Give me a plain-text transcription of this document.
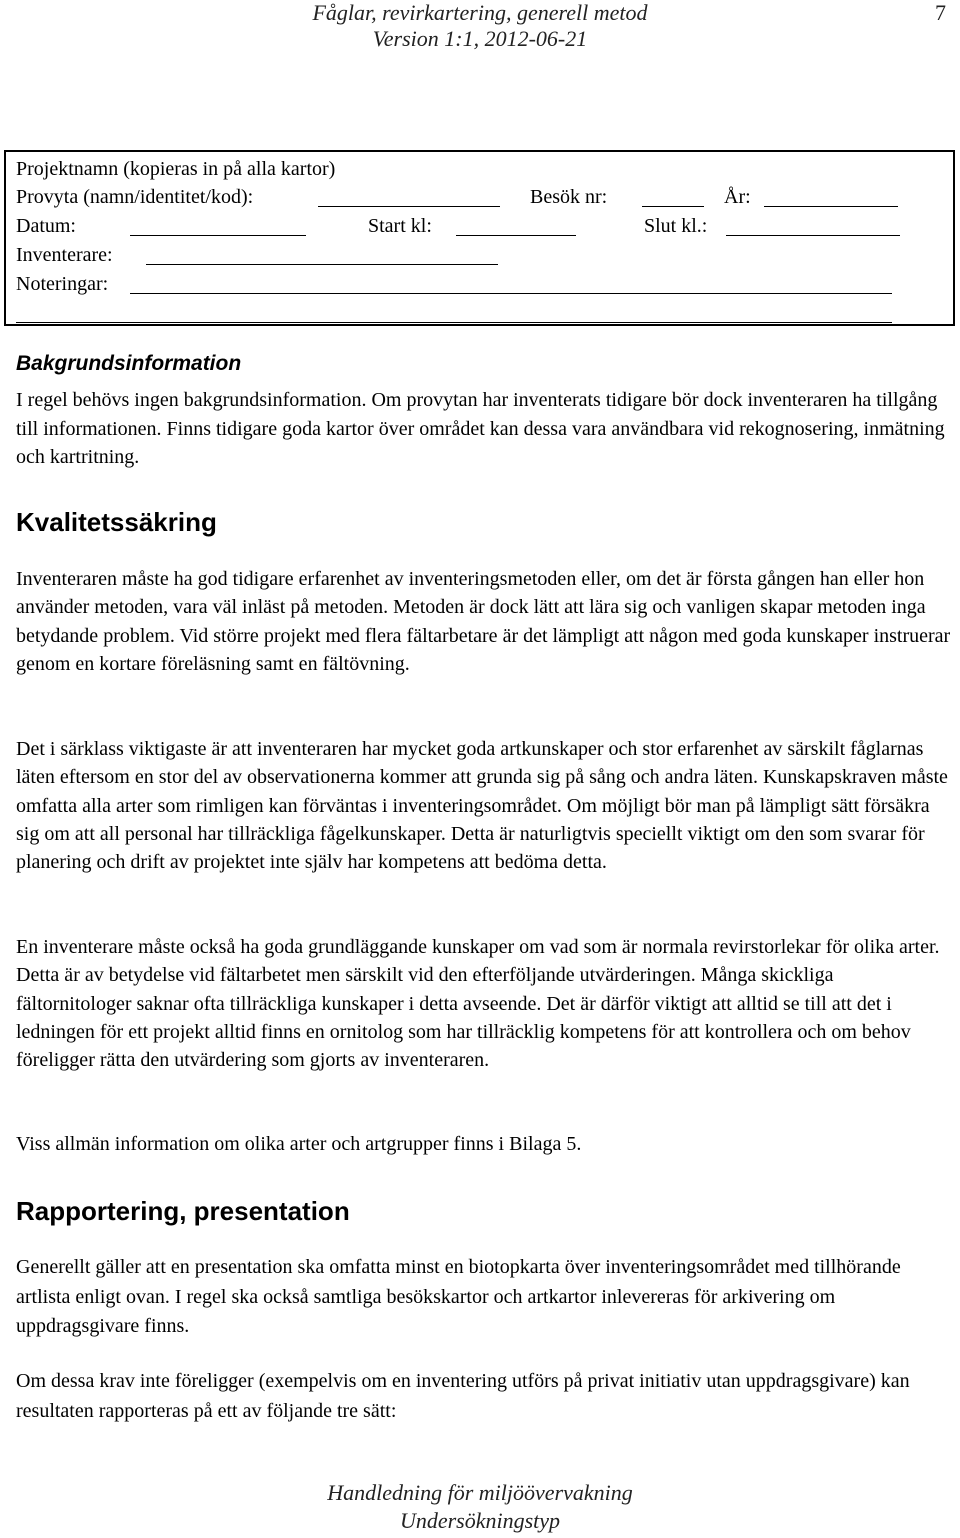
Fåglar, revirkartering, generell metod
Version 1:1, 2012-06-21
7
Projektnamn (kopieras in på alla kartor)
Provyta (namn/identitet/kod):	Besök nr:	År:
Datum:	Start kl:	Slut kl.:
Inventerare:
Noteringar:
Bakgrundsinformation

I regel behövs ingen bakgrundsinformation. Om provytan har inventerats tidigare bör dock inventeraren ha tillgång till informationen. Finns tidigare goda kartor över området kan dessa vara användbara vid rekognosering, inmätning och kartritning.

Kvalitetssäkring

Inventeraren måste ha god tidigare erfarenhet av inventeringsmetoden eller, om det är första gången han eller hon använder metoden, vara väl inläst på metoden. Metoden är dock lätt att lära sig och vanligen skapar metoden inga betydande problem. Vid större projekt med flera fältarbetare är det lämpligt att någon med goda kunskaper instruerar genom en kortare föreläsning samt en fältövning.

Det i särklass viktigaste är att inventeraren har mycket goda artkunskaper och stor erfarenhet av särskilt fåglarnas läten eftersom en stor del av observationerna kommer att grunda sig på sång och andra läten. Kunskapskraven måste omfatta alla arter som rimligen kan förväntas i inventeringsområdet. Om möjligt bör man på lämpligt sätt försäkra sig om att all personal har tillräckliga fågelkunskaper. Detta är naturligtvis speciellt viktigt om den som svarar för planering och drift av projektet inte själv har kompetens att bedöma detta.

En inventerare måste också ha goda grundläggande kunskaper om vad som är normala revirstorlekar för olika arter. Detta är av betydelse vid fältarbetet men särskilt vid den efterföljande utvärderingen. Många skickliga fältornitologer saknar ofta tillräckliga kunskaper i detta avseende. Det är därför viktigt att alltid se till att det i ledningen för ett projekt alltid finns en ornitolog som har tillräcklig kompetens för att kontrollera och om behov föreligger rätta den utvärdering som gjorts av inventeraren.

Viss allmän information om olika arter och artgrupper finns i Bilaga 5.

Rapportering, presentation

Generellt gäller att en presentation ska omfatta minst en biotopkarta över inventeringsområdet med tillhörande artlista enligt ovan. I regel ska också samtliga besökskartor och artkartor inlevereras för arkivering om uppdragsgivare finns.

Om dessa krav inte föreligger (exempelvis om en inventering utförs på privat initiativ utan uppdragsgivare) kan resultaten rapporteras på ett av följande tre sätt:

Handledning för miljöövervakning
Undersökningstyp
